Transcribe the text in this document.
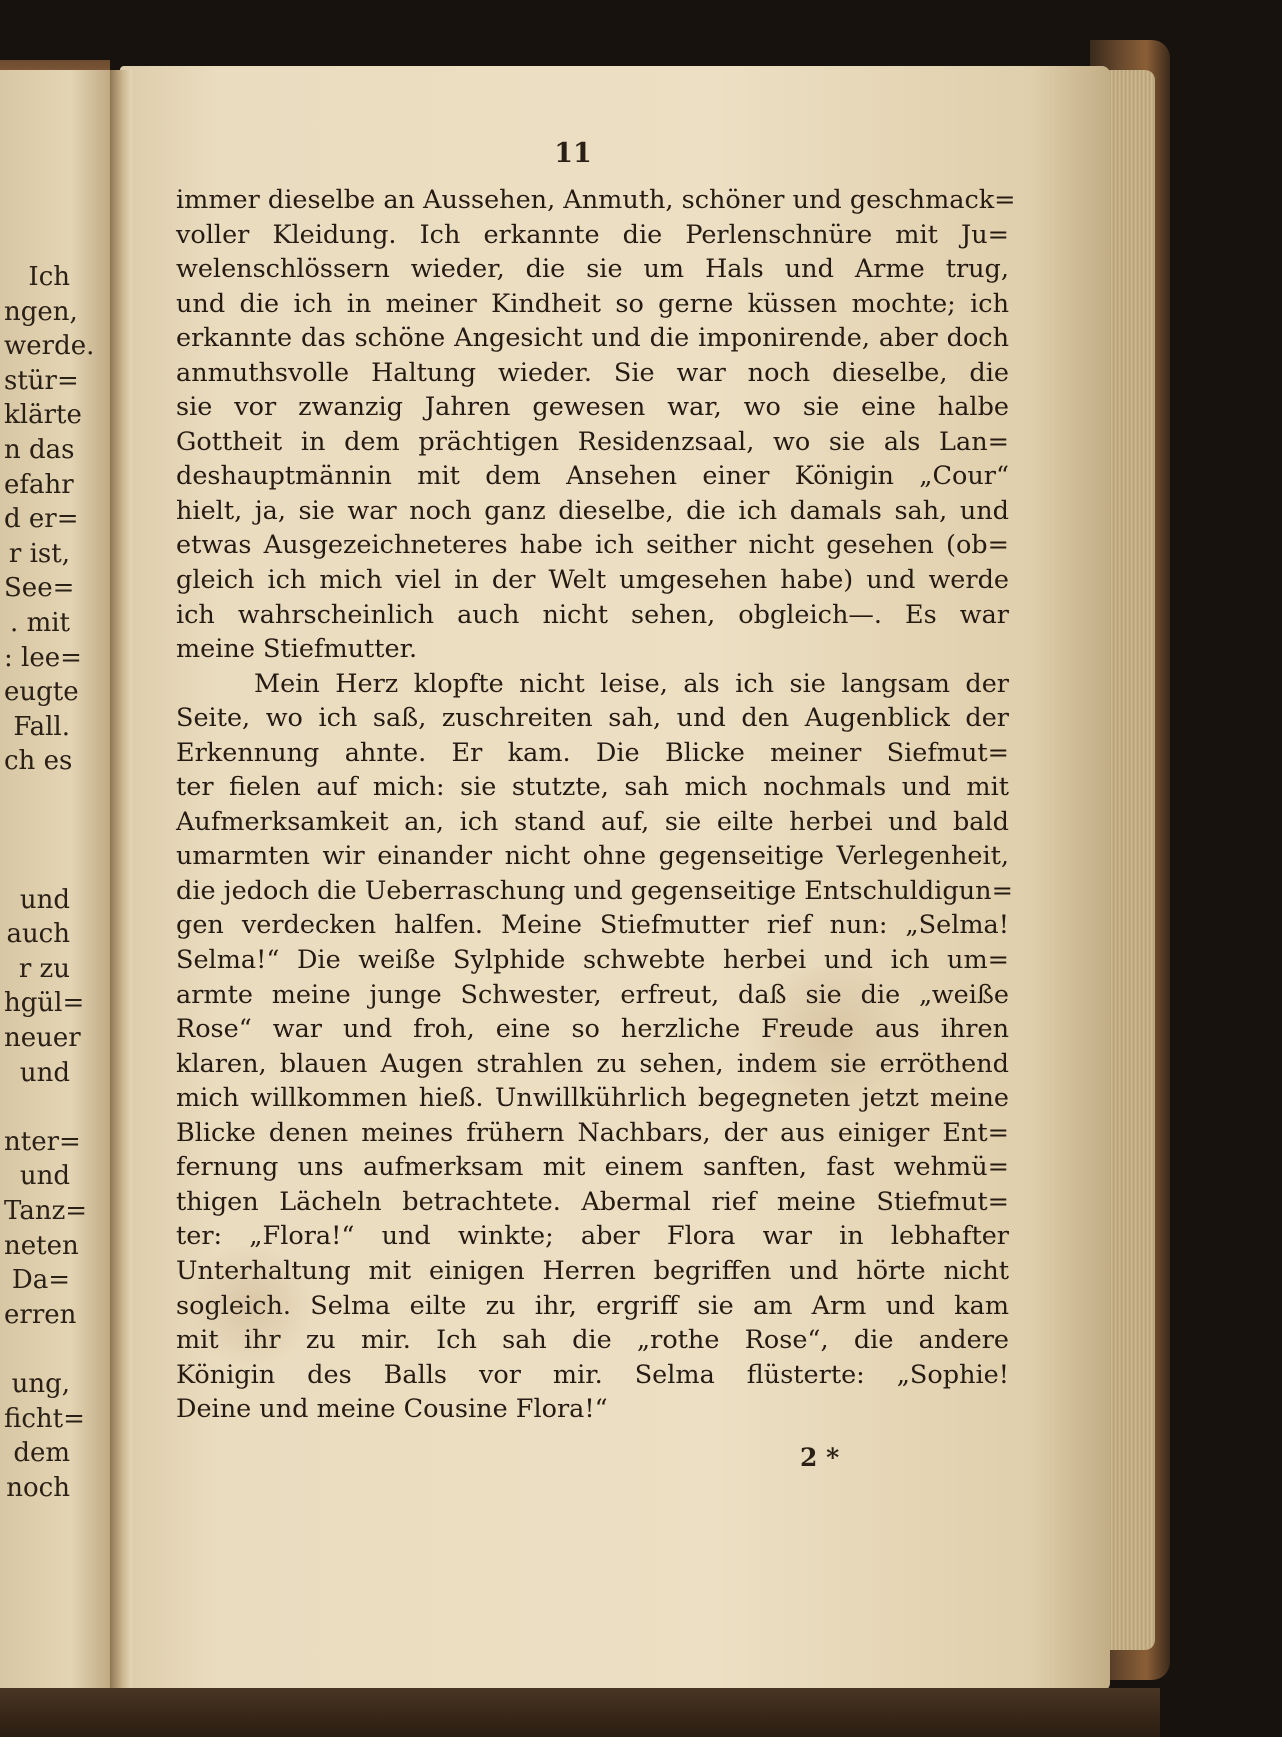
Ich
ngen,
werde.
stür=
klärte
n das
efahr
d er=
r ist,
See=
. mit
: lee=
eugte
Fall.
ch es
und
auch
r zu
hgül=
neuer
und
nter=
und
Tanz=
neten
Da=
erren
ung,
ficht=
dem
noch
11
immer dieselbe an Aussehen, Anmuth, schöner und geschmack=
voller Kleidung. Ich erkannte die Perlenschnüre mit Ju=
welenschlössern wieder, die sie um Hals und Arme trug,
und die ich in meiner Kindheit so gerne küssen mochte; ich
erkannte das schöne Angesicht und die imponirende, aber doch
anmuthsvolle Haltung wieder. Sie war noch dieselbe, die
sie vor zwanzig Jahren gewesen war, wo sie eine halbe
Gottheit in dem prächtigen Residenzsaal, wo sie als Lan=
deshauptmännin mit dem Ansehen einer Königin „Cour“
hielt, ja, sie war noch ganz dieselbe, die ich damals sah, und
etwas Ausgezeichneteres habe ich seither nicht gesehen (ob=
gleich ich mich viel in der Welt umgesehen habe) und werde
ich wahrscheinlich auch nicht sehen, obgleich—. Es war
meine Stiefmutter.
Mein Herz klopfte nicht leise, als ich sie langsam der
Seite, wo ich saß, zuschreiten sah, und den Augenblick der
Erkennung ahnte. Er kam. Die Blicke meiner Siefmut=
ter fielen auf mich: sie stutzte, sah mich nochmals und mit
Aufmerksamkeit an, ich stand auf, sie eilte herbei und bald
umarmten wir einander nicht ohne gegenseitige Verlegenheit,
die jedoch die Ueberraschung und gegenseitige Entschuldigun=
gen verdecken halfen. Meine Stiefmutter rief nun: „Selma!
Selma!“ Die weiße Sylphide schwebte herbei und ich um=
armte meine junge Schwester, erfreut, daß sie die „weiße
Rose“ war und froh, eine so herzliche Freude aus ihren
klaren, blauen Augen strahlen zu sehen, indem sie erröthend
mich willkommen hieß. Unwillkührlich begegneten jetzt meine
Blicke denen meines frühern Nachbars, der aus einiger Ent=
fernung uns aufmerksam mit einem sanften, fast wehmü=
thigen Lächeln betrachtete. Abermal rief meine Stiefmut=
ter: „Flora!“ und winkte; aber Flora war in lebhafter
Unterhaltung mit einigen Herren begriffen und hörte nicht
sogleich. Selma eilte zu ihr, ergriff sie am Arm und kam
mit ihr zu mir. Ich sah die „rothe Rose“, die andere
Königin des Balls vor mir. Selma flüsterte: „Sophie!
Deine und meine Cousine Flora!“
2 *
